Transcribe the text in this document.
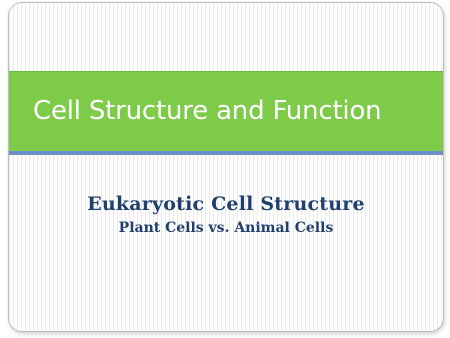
Cell Structure and Function
Eukaryotic Cell Structure
Plant Cells vs. Animal Cells
